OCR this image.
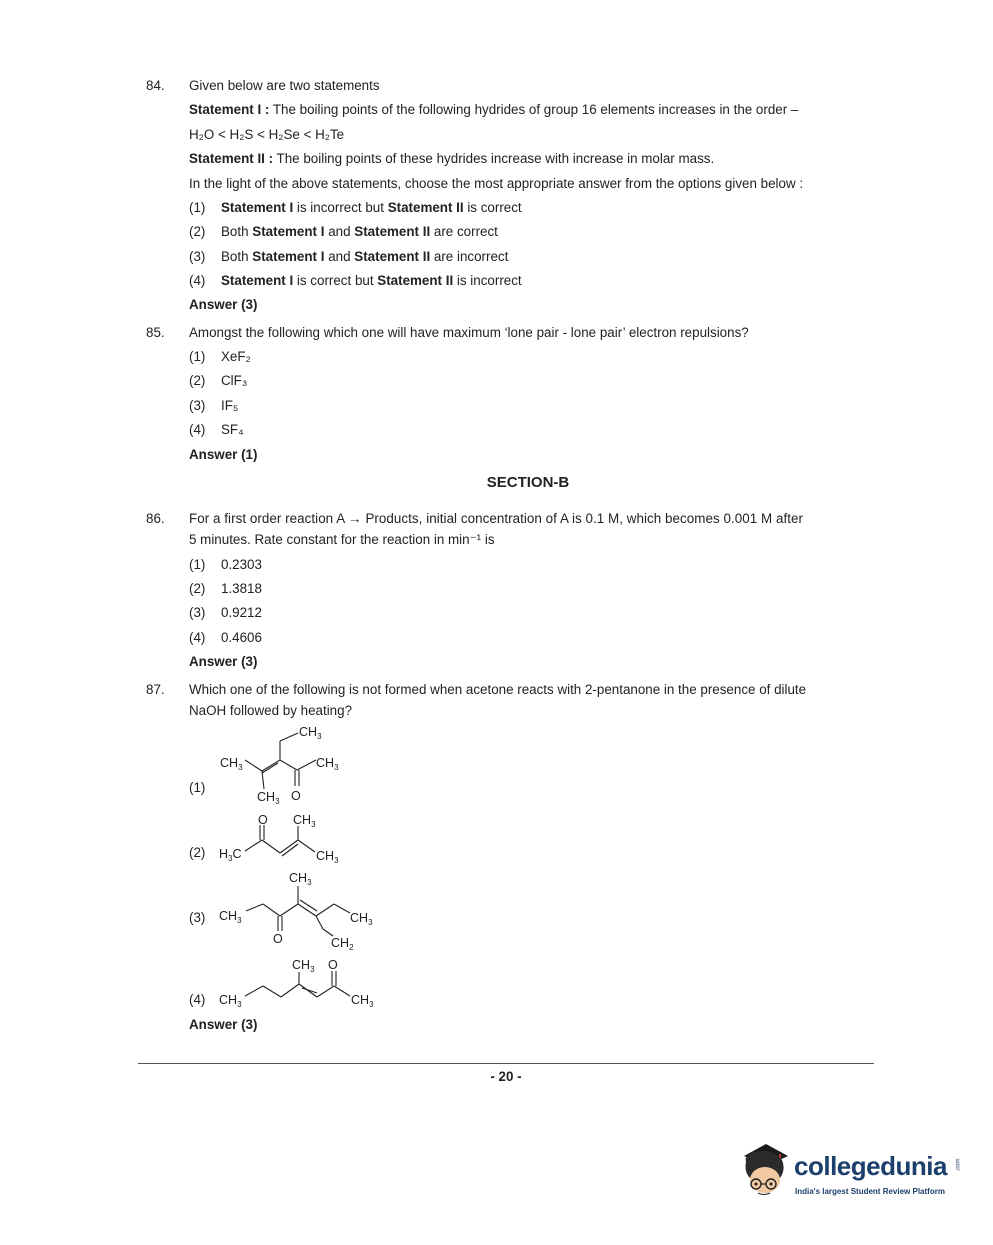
84. Given below are two statements
Statement I : The boiling points of the following hydrides of group 16 elements increases in the order –
H₂O < H₂S < H₂Se < H₂Te
Statement II : The boiling points of these hydrides increase with increase in molar mass.
In the light of the above statements, choose the most appropriate answer from the options given below :
(1) Statement I is incorrect but Statement II is correct
(2) Both Statement I and Statement II are correct
(3) Both Statement I and Statement II are incorrect
(4) Statement I is correct but Statement II is incorrect
Answer (3)
85. Amongst the following which one will have maximum ‘lone pair - lone pair’ electron repulsions?
(1) XeF₂
(2) ClF₃
(3) IF₅
(4) SF₄
Answer (1)
SECTION-B
86. For a first order reaction A → Products, initial concentration of A is 0.1 M, which becomes 0.001 M after
5 minutes. Rate constant for the reaction in min⁻¹ is
(1) 0.2303
(2) 1.3818
(3) 0.9212
(4) 0.4606
Answer (3)
87. Which one of the following is not formed when acetone reacts with 2-pentanone in the presence of dilute
NaOH followed by heating?
Answer (3)
(1)
(2)
(3)
(4)
$CH_3$
$CH_3$	$CH_3$
$CH_3$ O
O $CH_3$
$H_3C$	$CH_3$
$CH_3$
$CH_3$	$CH_3$
$CH_2$
O
$CH_3$ O
$CH_3$	$CH_3$
- 20 -
collegedunia .com
India's largest Student Review Platform
